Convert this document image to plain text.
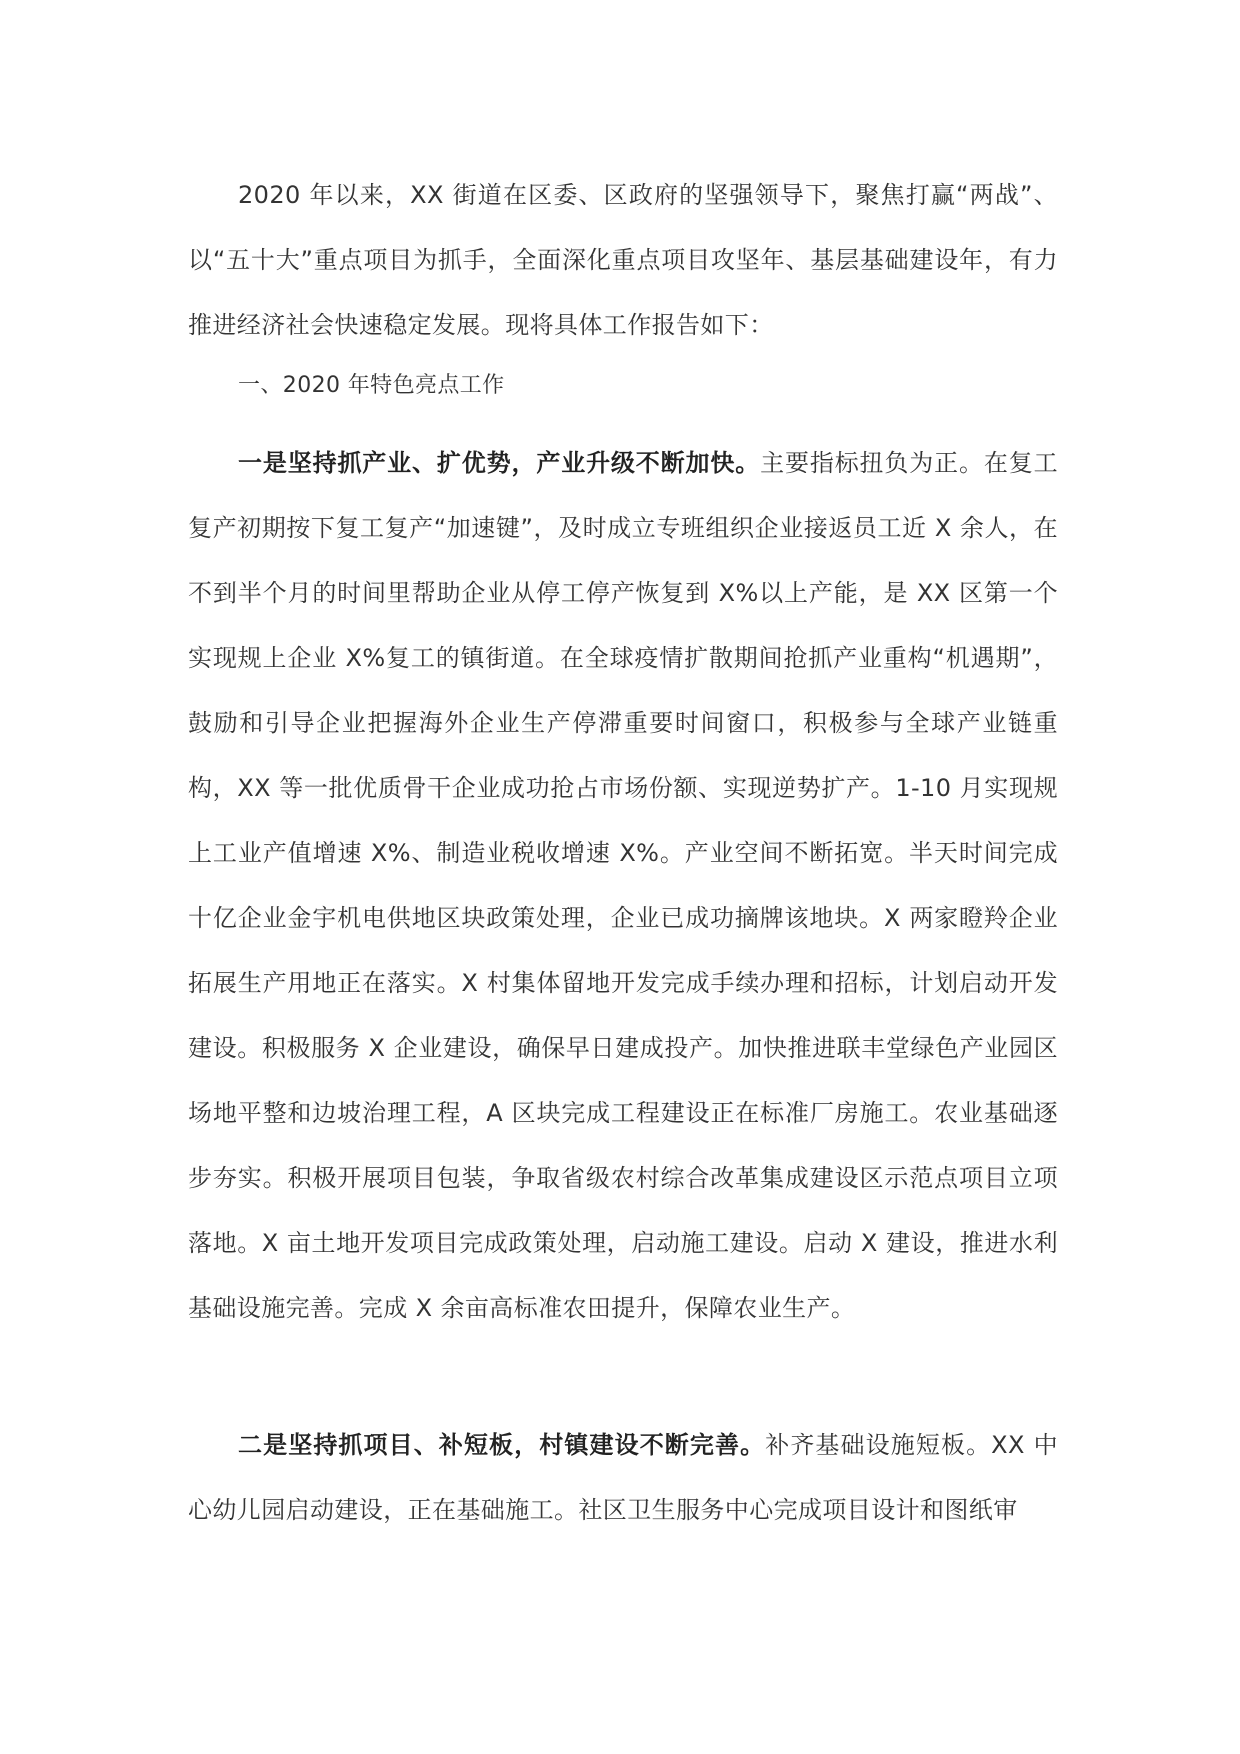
2020 年以来，XX 街道在区委、区政府的坚强领导下，聚焦打赢“两战”、以“五十大”重点项目为抓手，全面深化重点项目攻坚年、基层基础建设年，有力推进经济社会快速稳定发展。现将具体工作报告如下：

一、2020 年特色亮点工作

一是坚持抓产业、扩优势，产业升级不断加快。主要指标扭负为正。在复工复产初期按下复工复产“加速键”，及时成立专班组织企业接返员工近 X 余人，在不到半个月的时间里帮助企业从停工停产恢复到 X%以上产能，是 XX 区第一个实现规上企业 X%复工的镇街道。在全球疫情扩散期间抢抓产业重构“机遇期”，鼓励和引导企业把握海外企业生产停滞重要时间窗口，积极参与全球产业链重构，XX 等一批优质骨干企业成功抢占市场份额、实现逆势扩产。1-10 月实现规上工业产值增速 X%、制造业税收增速 X%。产业空间不断拓宽。半天时间完成十亿企业金宇机电供地区块政策处理，企业已成功摘牌该地块。X 两家瞪羚企业拓展生产用地正在落实。X 村集体留地开发完成手续办理和招标，计划启动开发建设。积极服务 X 企业建设，确保早日建成投产。加快推进联丰堂绿色产业园区场地平整和边坡治理工程，A 区块完成工程建设正在标准厂房施工。农业基础逐步夯实。积极开展项目包装，争取省级农村综合改革集成建设区示范点项目立项落地。X 亩土地开发项目完成政策处理，启动施工建设。启动 X 建设，推进水利基础设施完善。完成 X 余亩高标准农田提升，保障农业生产。

二是坚持抓项目、补短板，村镇建设不断完善。补齐基础设施短板。XX 中心幼儿园启动建设，正在基础施工。社区卫生服务中心完成项目设计和图纸审
